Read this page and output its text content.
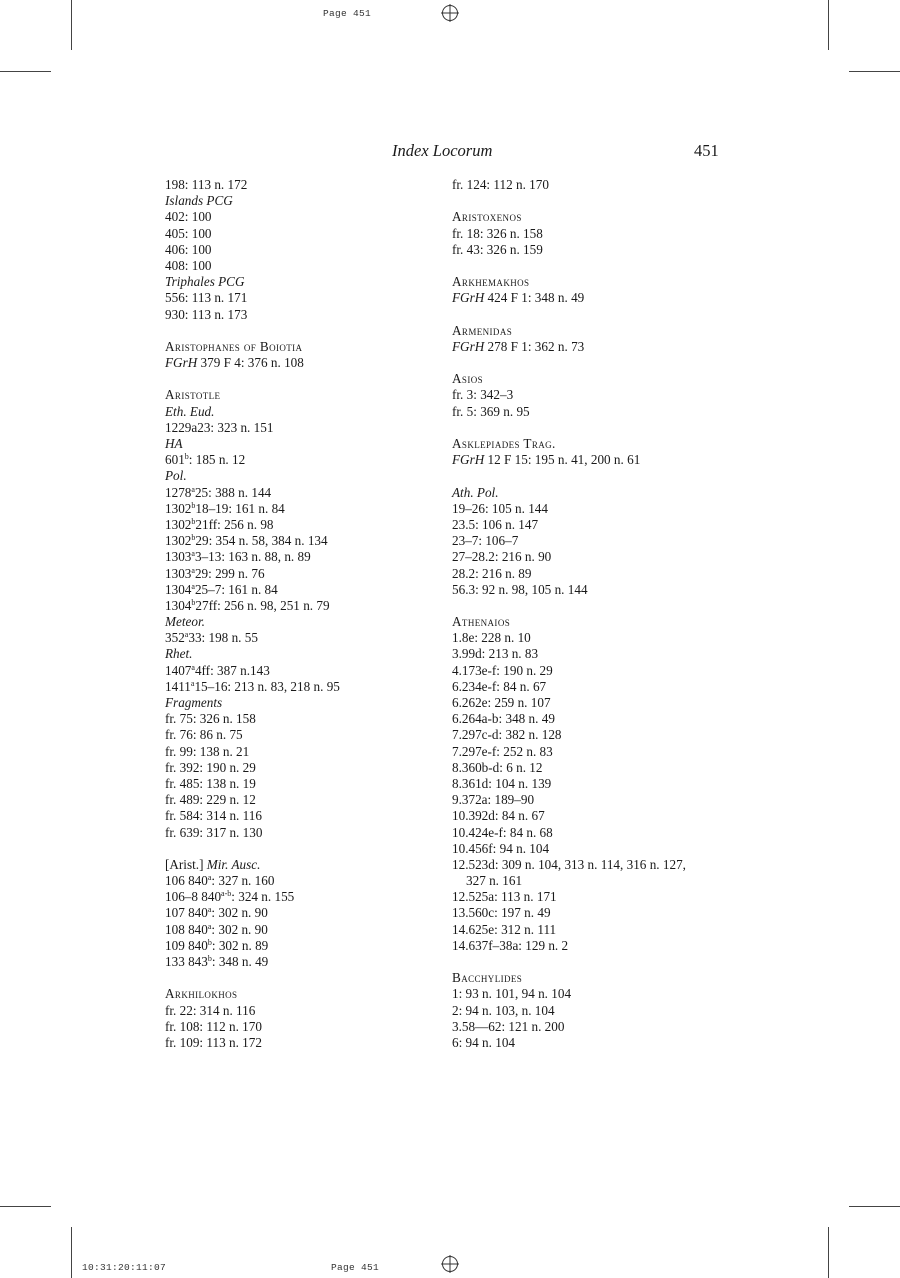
Page 451
10:31:20:11:07	Page 451
Index Locorum	451
198: 113 n. 172
Islands PCG
402: 100
405: 100
406: 100
408: 100
Triphales PCG
556: 113 n. 171
930: 113 n. 173
Aristophanes of Boiotia
FGrH 379 F 4: 376 n. 108
Aristotle
Eth. Eud.
1229a23: 323 n. 151
HA
601$^b$: 185 n. 12
Pol.
1278$^a$25: 388 n. 144
1302$^b$18–19: 161 n. 84
1302$^b$21ff: 256 n. 98
1302$^b$29: 354 n. 58, 384 n. 134
1303$^a$3–13: 163 n. 88, n. 89
1303$^a$29: 299 n. 76
1304$^a$25–7: 161 n. 84
1304$^b$27ff: 256 n. 98, 251 n. 79
Meteor.
352$^a$33: 198 n. 55
Rhet.
1407$^a$4ff: 387 n.143
1411$^a$15–16: 213 n. 83, 218 n. 95
Fragments
fr. 75: 326 n. 158
fr. 76: 86 n. 75
fr. 99: 138 n. 21
fr. 392: 190 n. 29
fr. 485: 138 n. 19
fr. 489: 229 n. 12
fr. 584: 314 n. 116
fr. 639: 317 n. 130
[Arist.] Mir. Ausc.
106 840$^a$: 327 n. 160
106–8 840$^{a-b}$: 324 n. 155
107 840$^a$: 302 n. 90
108 840$^a$: 302 n. 90
109 840$^b$: 302 n. 89
133 843$^b$: 348 n. 49
Arkhilokhos
fr. 22: 314 n. 116
fr. 108: 112 n. 170
fr. 109: 113 n. 172
fr. 124: 112 n. 170
Aristoxenos
fr. 18: 326 n. 158
fr. 43: 326 n. 159
Arkhemakhos
FGrH 424 F 1: 348 n. 49
Armenidas
FGrH 278 F 1: 362 n. 73
Asios
fr. 3: 342–3
fr. 5: 369 n. 95
Asklepiades Trag.
FGrH 12 F 15: 195 n. 41, 200 n. 61
Ath. Pol.
19–26: 105 n. 144
23.5: 106 n. 147
23–7: 106–7
27–28.2: 216 n. 90
28.2: 216 n. 89
56.3: 92 n. 98, 105 n. 144
Athenaios
1.8e: 228 n. 10
3.99d: 213 n. 83
4.173e-f: 190 n. 29
6.234e-f: 84 n. 67
6.262e: 259 n. 107
6.264a-b: 348 n. 49
7.297c-d: 382 n. 128
7.297e-f: 252 n. 83
8.360b-d: 6 n. 12
8.361d: 104 n. 139
9.372a: 189–90
10.392d: 84 n. 67
10.424e-f: 84 n. 68
10.456f: 94 n. 104
12.523d: 309 n. 104, 313 n. 114, 316 n. 127,
327 n. 161
12.525a: 113 n. 171
13.560c: 197 n. 49
14.625e: 312 n. 111
14.637f–38a: 129 n. 2
Bacchylides
1: 93 n. 101, 94 n. 104
2: 94 n. 103, n. 104
3.58—62: 121 n. 200
6: 94 n. 104
